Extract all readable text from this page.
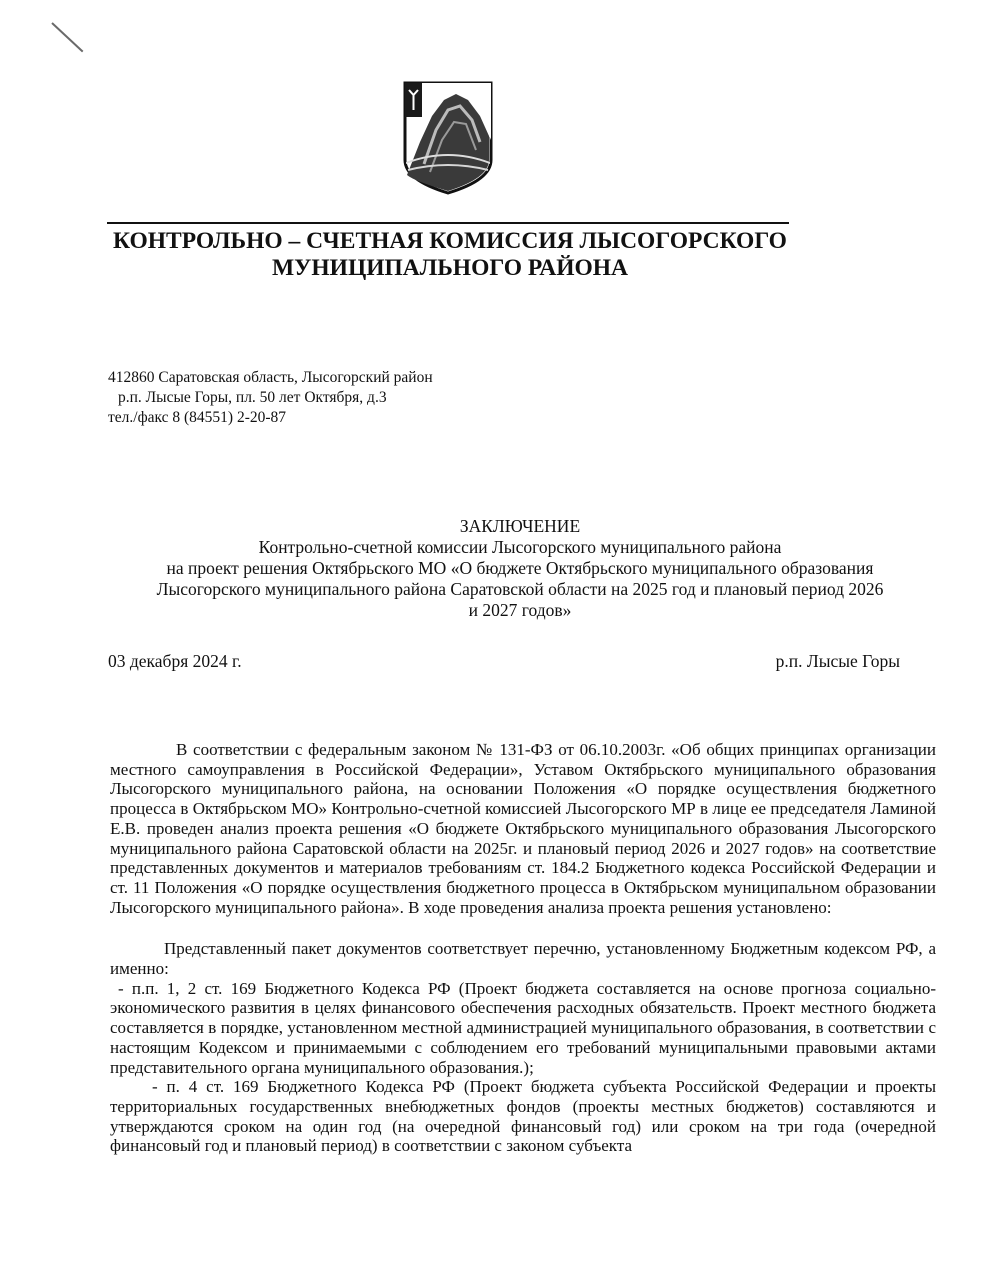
КОНТРОЛЬНО – СЧЕТНАЯ КОМИССИЯ ЛЫСОГОРСКОГО
МУНИЦИПАЛЬНОГО РАЙОНА
412860 Саратовская область, Лысогорский район
р.п. Лысые Горы, пл. 50 лет Октября, д.3
тел./факс 8 (84551) 2-20-87
ЗАКЛЮЧЕНИЕ
Контрольно-счетной комиссии Лысогорского муниципального района
на проект решения Октябрьского МО «О бюджете Октябрьского муниципального образования
Лысогорского муниципального района Саратовской области на 2025 год и плановый период 2026
и 2027 годов»
03 декабря 2024 г.	р.п. Лысые Горы

В соответствии с федеральным законом № 131-ФЗ от 06.10.2003г. «Об общих принципах организации местного самоуправления в Российской Федерации», Уставом Октябрьского муниципального образования Лысогорского муниципального района, на основании Положения «О порядке осуществления бюджетного процесса в Октябрьском МО» Контрольно-счетной комиссией Лысогорского МР в лице ее председателя Ламиной Е.В. проведен анализ проекта решения «О бюджете Октябрьского муниципального образования Лысогорского муниципального района Саратовской области на 2025г. и плановый период 2026 и 2027 годов» на соответствие представленных документов и материалов требованиям ст. 184.2 Бюджетного кодекса Российской Федерации и ст. 11 Положения «О порядке осуществления бюджетного процесса в Октябрьском муниципальном образовании Лысогорского муниципального района». В ходе проведения анализа проекта решения установлено:

Представленный пакет документов соответствует перечню, установленному Бюджетным кодексом РФ, а именно:

- п.п. 1, 2 ст. 169 Бюджетного Кодекса РФ (Проект бюджета составляется на основе прогноза социально-экономического развития в целях финансового обеспечения расходных обязательств. Проект местного бюджета составляется в порядке, установленном местной администрацией муниципального образования, в соответствии с настоящим Кодексом и принимаемыми с соблюдением его требований муниципальными правовыми актами представительного органа муниципального образования.);

- п. 4 ст. 169 Бюджетного Кодекса РФ (Проект бюджета субъекта Российской Федерации и проекты территориальных государственных внебюджетных фондов (проекты местных бюджетов) составляются и утверждаются сроком на один год (на очередной финансовый год) или сроком на три года (очередной финансовый год и плановый период) в соответствии с законом субъекта
